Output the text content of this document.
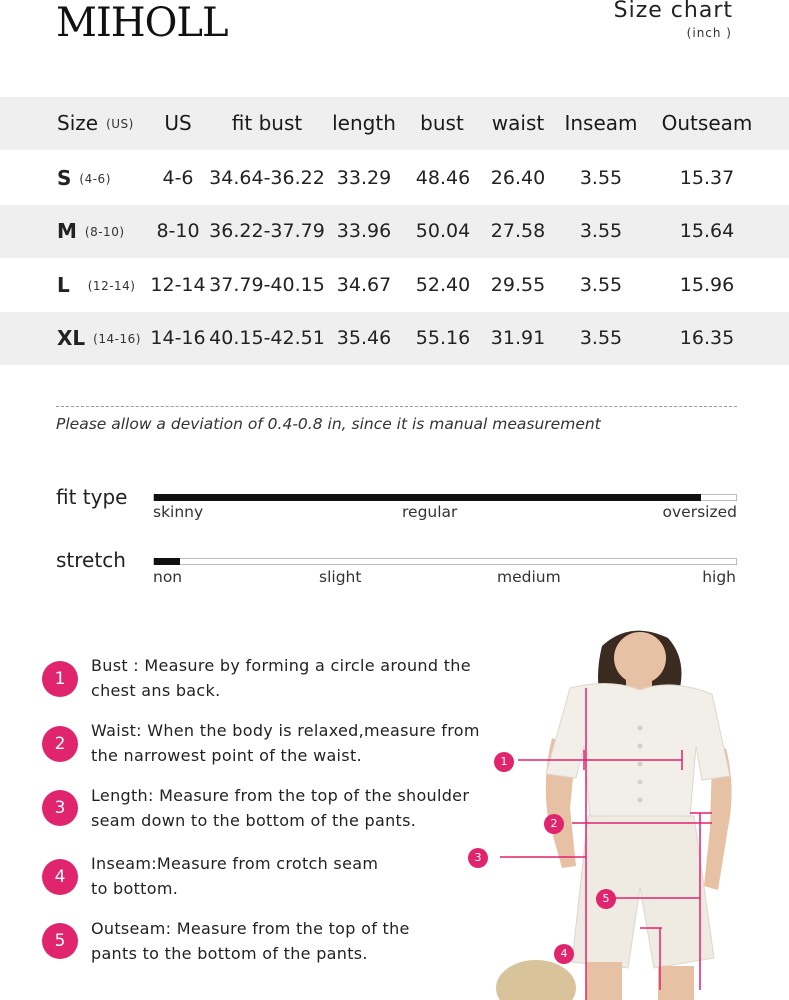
MIHOLL	Size chart
(inch )
Size (US) US fit bust length bust waist Inseam Outseam
S (4-6)	4-6 34.64-36.22 33.29 48.46 26.40 3.55	15.37
M (8-10) 8-10 36.22-37.79 33.96 50.04 27.58 3.55	15.64
L (12-14) 12-14 37.79-40.15 34.67 52.40 29.55 3.55	15.96
XL (14-16) 14-16 40.15-42.51 35.46 55.16 31.91 3.55	16.35
Please allow a deviation of 0.4-0.8 in, since it is manual measurement
fit type
skinny	regular	oversized
stretch
non	slight	medium	high
1
Bust : Measure by forming a circle around the chest ans back.
2
Waist: When the body is relaxed,measure from the narrowest point of the waist.
3
Length: Measure from the top of the shoulder seam down to the bottom of the pants.
4
Inseam:Measure from crotch seam to bottom.
5
Outseam: Measure from the top of the pants to the bottom of the pants.
1
2
3
4
5
